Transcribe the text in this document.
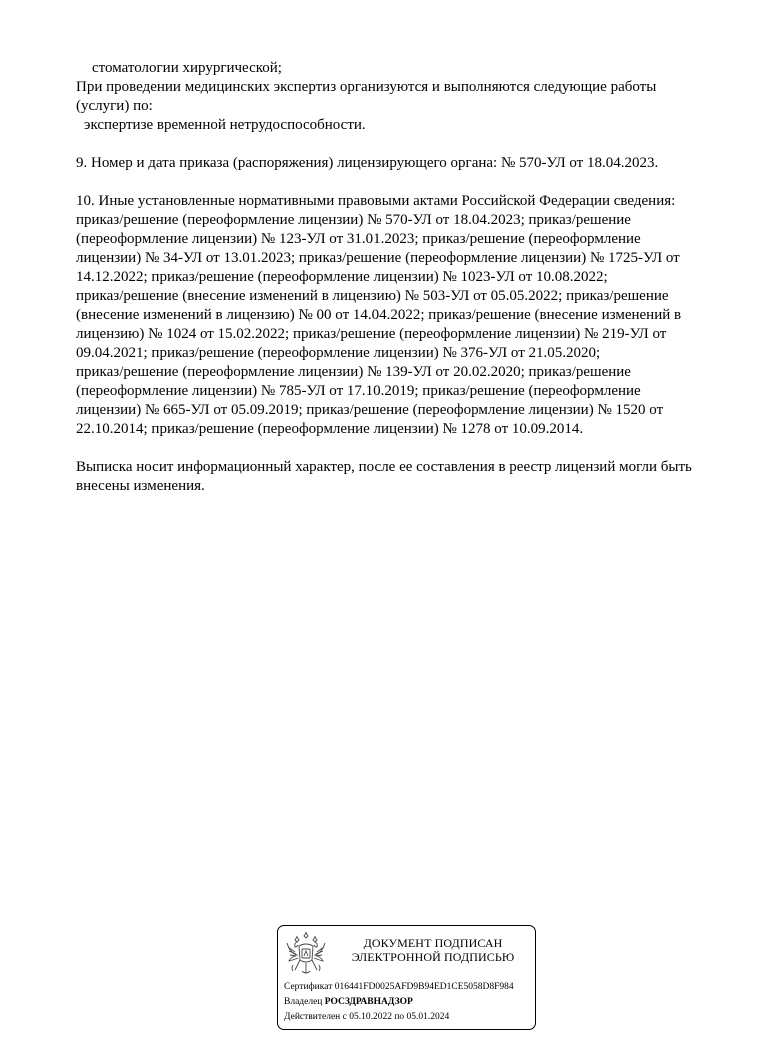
стоматологии хирургической;
При проведении медицинских экспертиз организуются и выполняются следующие работы
(услуги) по:
экспертизе временной нетрудоспособности.
9. Номер и дата приказа (распоряжения) лицензирующего органа: № 570-УЛ от 18.04.2023.
10. Иные установленные нормативными правовыми актами Российской Федерации сведения:
приказ/решение (переоформление лицензии) № 570-УЛ от 18.04.2023; приказ/решение
(переоформление лицензии) № 123-УЛ от 31.01.2023; приказ/решение (переоформление
лицензии) № 34-УЛ от 13.01.2023; приказ/решение (переоформление лицензии) № 1725-УЛ от
14.12.2022; приказ/решение (переоформление лицензии) № 1023-УЛ от 10.08.2022;
приказ/решение (внесение изменений в лицензию) № 503-УЛ от 05.05.2022; приказ/решение
(внесение изменений в лицензию) № 00 от 14.04.2022; приказ/решение (внесение изменений в
лицензию) № 1024 от 15.02.2022; приказ/решение (переоформление лицензии) № 219-УЛ от
09.04.2021; приказ/решение (переоформление лицензии) № 376-УЛ от 21.05.2020;
приказ/решение (переоформление лицензии) № 139-УЛ от 20.02.2020; приказ/решение
(переоформление лицензии) № 785-УЛ от 17.10.2019; приказ/решение (переоформление
лицензии) № 665-УЛ от 05.09.2019; приказ/решение (переоформление лицензии) № 1520 от
22.10.2014; приказ/решение (переоформление лицензии) № 1278 от 10.09.2014.
Выписка носит информационный характер, после ее составления в реестр лицензий могли быть
внесены изменения.
ДОКУМЕНТ ПОДПИСАН
ЭЛЕКТРОННОЙ ПОДПИСЬЮ
Сертификат 016441FD0025AFD9B94ED1CE5058D8F984
Владелец РОСЗДРАВНАДЗОР
Действителен с 05.10.2022 по 05.01.2024
